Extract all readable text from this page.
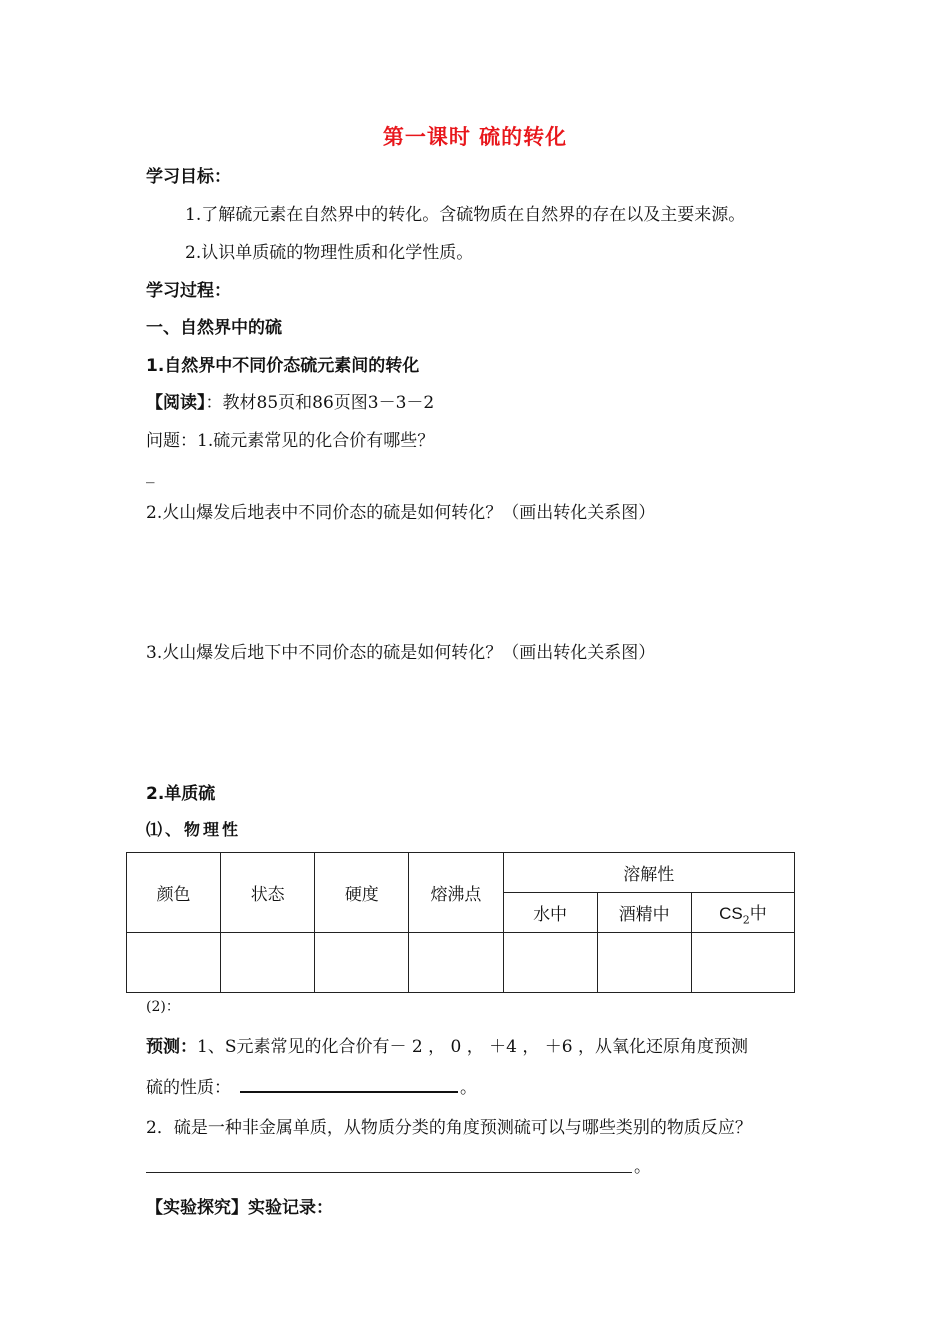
第一课时 硫的转化
学习目标：
1.了解硫元素在自然界中的转化。含硫物质在自然界的存在以及主要来源。
2.认识单质硫的物理性质和化学性质。
学习过程：
一、自然界中的硫
1.自然界中不同价态硫元素间的转化
【阅读】：教材85页和86页图3－3－2
问题：1.硫元素常见的化合价有哪些？
_
2.火山爆发后地表中不同价态的硫是如何转化？（画出转化关系图）
3.火山爆发后地下中不同价态的硫是如何转化？（画出转化关系图）
2.单质硫
⑴、物理性
颜色	状态	硬度	熔沸点	溶解性		
				水中	酒精中	$CS_2$中

(2)：
预测：1、S元素常见的化合价有－ 2 ， 0 ， ＋4 ， ＋6 ，从氧化还原角度预测
硫的性质：	。
2．硫是一种非金属单质，从物质分类的角度预测硫可以与哪些类别的物质反应？
。
【实验探究】实验记录：
